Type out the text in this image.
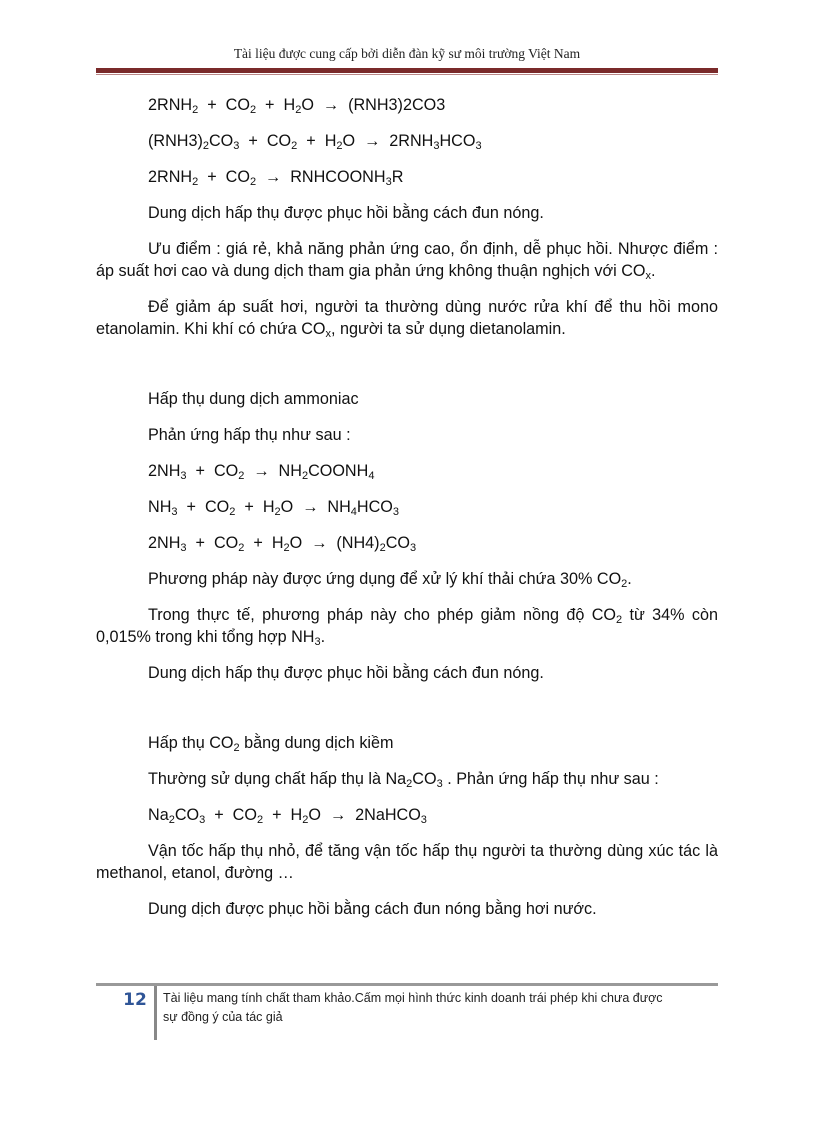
Tài liệu được cung cấp bởi diễn đàn kỹ sư môi trường Việt Nam

$2RNH_2 + CO_2 + H_2O \to (RNH3)2CO3$

$(RNH3)_2CO_3 + CO_2 + H_2O \to 2RNH_3HCO_3$

$2RNH_2 + CO_2$  →  $RNHCOONH_3R$

Dung dịch hấp thụ được phục hồi bằng cách đun nóng.

Ưu điểm : giá rẻ, khả năng phản ứng cao, ổn định, dễ phục hồi. Nhược điểm : áp suất hơi cao và dung dịch tham gia phản ứng không thuận nghịch với $CO_x$.

Để giảm áp suất hơi, người ta thường dùng nước rửa khí để thu hồi mono etanolamin. Khi khí có chứa $CO_x$, người ta sử dụng dietanolamin.

Hấp thụ dung dịch ammoniac

Phản ứng hấp thụ như sau :

$2NH_3 + CO_2$  →  $NH_2COONH_4$

$NH_3 + CO_2 + H_2O \to NH_4HCO_3$

$2NH_3 + CO_2 + H_2O \to (NH4)_2CO_3$

Phương pháp này được ứng dụng để xử lý khí thải chứa 30% $CO_2$.

Trong thực tế, phương pháp này cho phép giảm nồng độ $CO_2$ từ 34% còn 0,015% trong khi tổng hợp $NH_3$.

Dung dịch hấp thụ được phục hồi bằng cách đun nóng.

Hấp thụ $CO_2$ bằng dung dịch kiềm

Thường sử dụng chất hấp thụ là $Na_2CO_3$ . Phản ứng hấp thụ như sau :

$Na_2CO_3 + CO_2 + H_2O$  →  2NaHCO$_3$

Vận tốc hấp thụ nhỏ, để tăng vận tốc hấp thụ người ta thường dùng xúc tác là methanol, etanol, đường …

Dung dịch được phục hồi bằng cách đun nóng bằng hơi nước.

12	Tài liệu mang tính chất tham khảo.Cấm mọi hình thức kinh doanh trái phép khi chưa được
sự đồng ý của tác giả
